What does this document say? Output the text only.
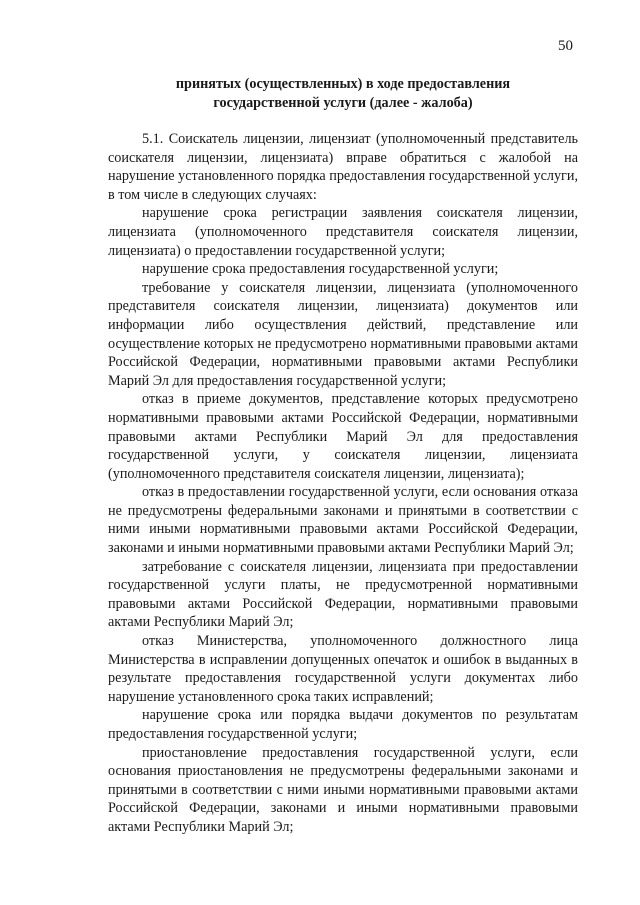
50
принятых (осуществленных) в ходе предоставления
государственной услуги (далее - жалоба)

5.1. Соискатель лицензии, лицензиат (уполномоченный представитель соискателя лицензии, лицензиата) вправе обратиться с жалобой на нарушение установленного порядка предоставления государственной услуги, в том числе в следующих случаях:

нарушение срока регистрации заявления соискателя лицензии, лицензиата (уполномоченного представителя соискателя лицензии, лицензиата) о предоставлении государственной услуги;

нарушение срока предоставления государственной услуги;

требование у соискателя лицензии, лицензиата (уполномоченного представителя соискателя лицензии, лицензиата) документов или информации либо осуществления действий, представление или осуществление которых не предусмотрено нормативными правовыми актами Российской Федерации, нормативными правовыми актами Республики Марий Эл для предоставления государственной услуги;

отказ в приеме документов, представление которых предусмотрено нормативными правовыми актами Российской Федерации, нормативными правовыми актами Республики Марий Эл для предоставления государственной услуги, у соискателя лицензии, лицензиата (уполномоченного представителя соискателя лицензии, лицензиата);

отказ в предоставлении государственной услуги, если основания отказа не предусмотрены федеральными законами и принятыми в соответствии с ними иными нормативными правовыми актами Российской Федерации, законами и иными нормативными правовыми актами Республики Марий Эл;

затребование с соискателя лицензии, лицензиата при предоставлении государственной услуги платы, не предусмотренной нормативными правовыми актами Российской Федерации, нормативными правовыми актами Республики Марий Эл;

отказ Министерства, уполномоченного должностного лица Министерства в исправлении допущенных опечаток и ошибок в выданных в результате предоставления государственной услуги документах либо нарушение установленного срока таких исправлений;

нарушение срока или порядка выдачи документов по результатам предоставления государственной услуги;

приостановление предоставления государственной услуги, если основания приостановления не предусмотрены федеральными законами и принятыми в соответствии с ними иными нормативными правовыми актами Российской Федерации, законами и иными нормативными правовыми актами Республики Марий Эл;
